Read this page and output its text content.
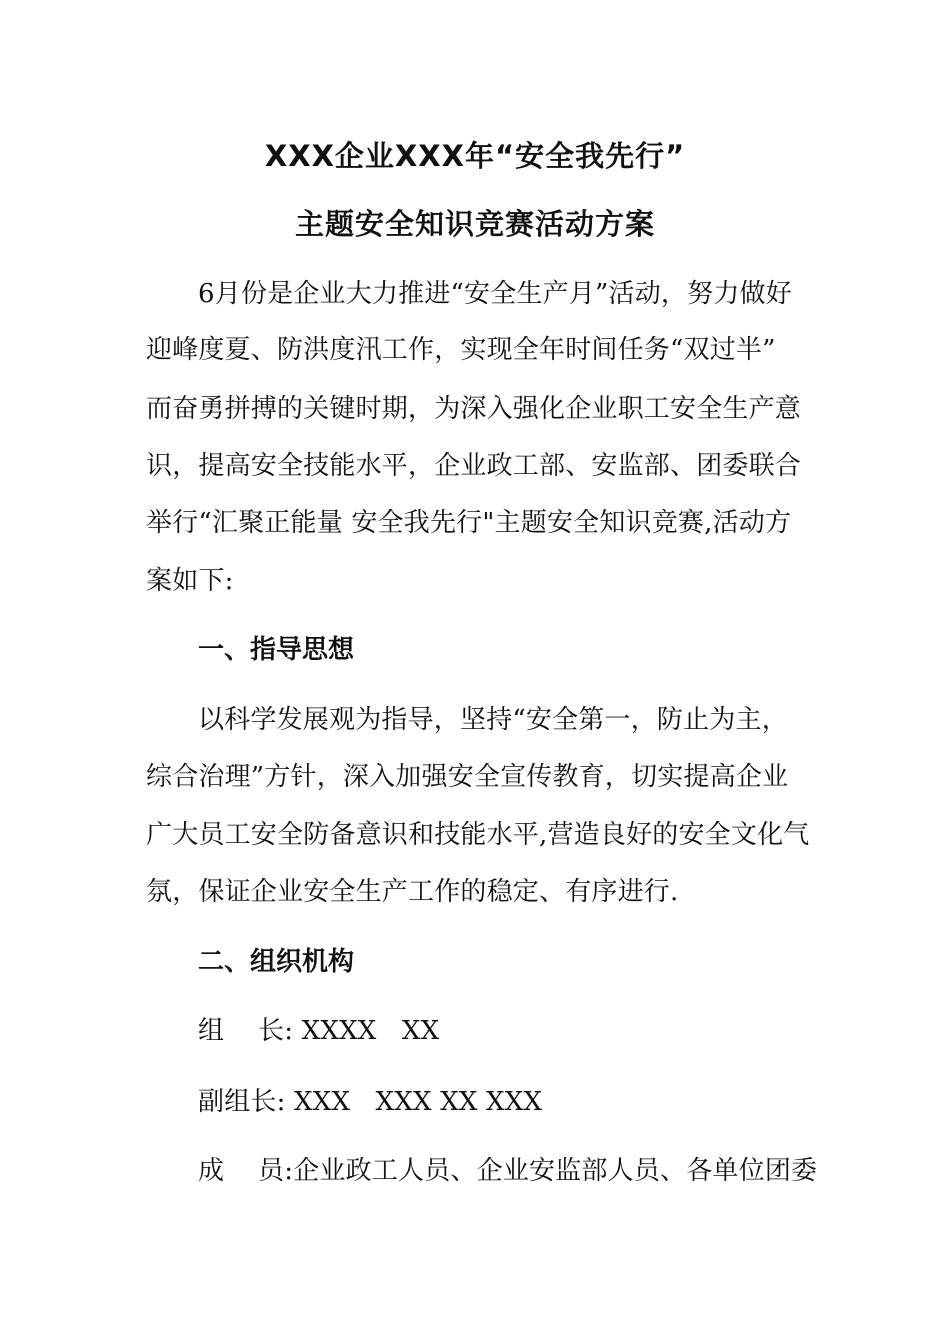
XXX企业XXX年“安全我先行”
主题安全知识竞赛活动方案
6月份是企业大力推进“安全生产月”活动，努力做好
迎峰度夏、防洪度汛工作，实现全年时间任务“双过半”
而奋勇拼搏的关键时期，为深入强化企业职工安全生产意
识，提高安全技能水平，企业政工部、安监部、团委联合
举行“汇聚正能量 安全我先行"主题安全知识竞赛,活动方
案如下:
一、指导思想
以科学发展观为指导，坚持“安全第一，防止为主，
综合治理”方针，深入加强安全宣传教育，切实提高企业
广大员工安全防备意识和技能水平,营造良好的安全文化气
氛，保证企业安全生产工作的稳定、有序进行.
二、组织机构
组    长: XXXX   XX
副组长: XXX   XXX XX XXX
成    员:企业政工人员、企业安监部人员、各单位团委
